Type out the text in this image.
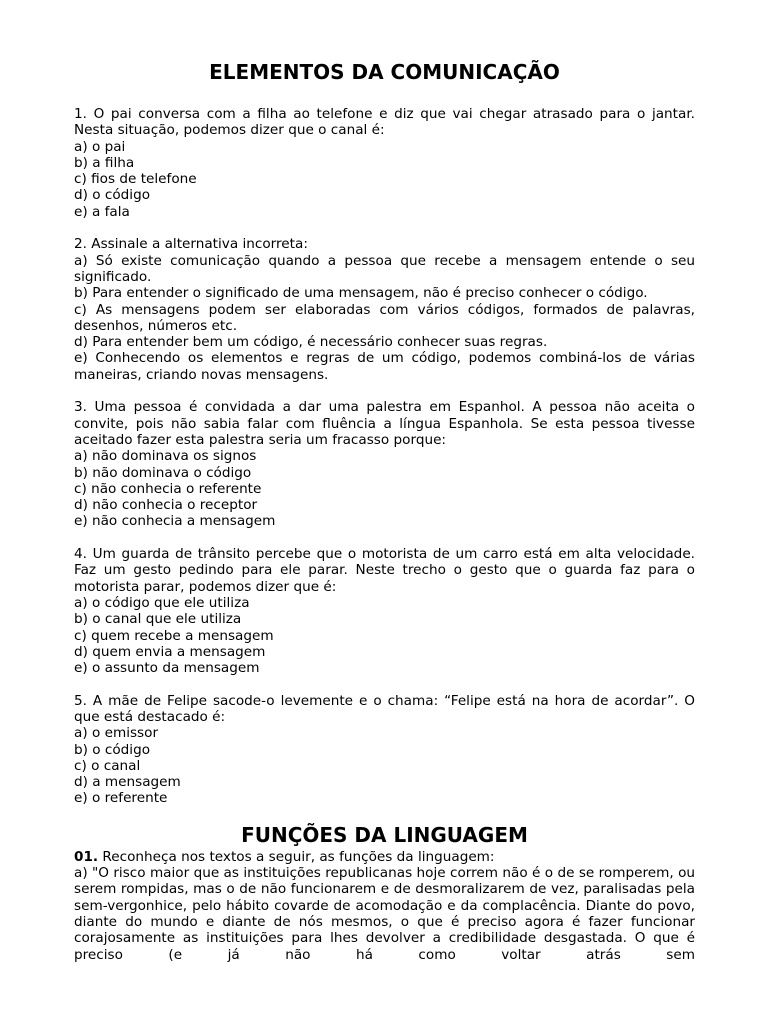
ELEMENTOS DA COMUNICAÇÃO

1. O pai conversa com a filha ao telefone e diz que vai chegar atrasado para o jantar. Nesta situação, podemos dizer que o canal é:

a) o pai

b) a filha

c) fios de telefone

d) o código

e) a fala

2. Assinale a alternativa incorreta:

a) Só existe comunicação quando a pessoa que recebe a mensagem entende o seu significado.

b) Para entender o significado de uma mensagem, não é preciso conhecer o código.

c) As mensagens podem ser elaboradas com vários códigos, formados de palavras, desenhos, números etc.

d) Para entender bem um código, é necessário conhecer suas regras.

e) Conhecendo os elementos e regras de um código, podemos combiná-los de várias maneiras, criando novas mensagens.

3. Uma pessoa é convidada a dar uma palestra em Espanhol. A pessoa não aceita o convite, pois não sabia falar com fluência a língua Espanhola. Se esta pessoa tivesse aceitado fazer esta palestra seria um fracasso porque:

a) não dominava os signos

b) não dominava o código

c) não conhecia o referente

d) não conhecia o receptor

e) não conhecia a mensagem

4. Um guarda de trânsito percebe que o motorista de um carro está em alta velocidade. Faz um gesto pedindo para ele parar. Neste trecho o gesto que o guarda faz para o motorista parar, podemos dizer que é:

a) o código que ele utiliza

b) o canal que ele utiliza

c) quem recebe a mensagem

d) quem envia a mensagem

e) o assunto da mensagem

5. A mãe de Felipe sacode-o levemente e o chama: “Felipe está na hora de acordar”. O que está destacado é:

a) o emissor

b) o código

c) o canal

d) a mensagem

e) o referente

FUNÇÕES DA LINGUAGEM

01. Reconheça nos textos a seguir, as funções da linguagem:

a) "O risco maior que as instituições republicanas hoje correm não é o de se romperem, ou serem rompidas, mas o de não funcionarem e de desmoralizarem de vez, paralisadas pela sem-vergonhice, pelo hábito covarde de acomodação e da complacência. Diante do povo, diante do mundo e diante de nós mesmos, o que é preciso agora é fazer funcionar corajosamente as instituições para lhes devolver a credibilidade desgastada. O que é preciso (e já não há como voltar atrás sem
